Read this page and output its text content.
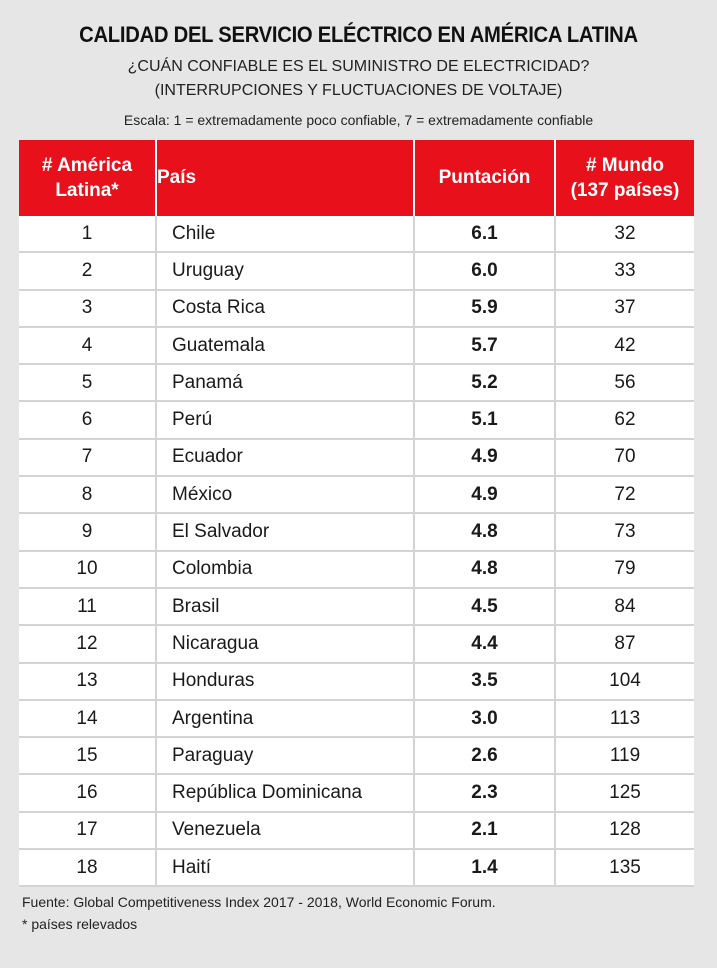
CALIDAD DEL SERVICIO ELÉCTRICO EN AMÉRICA LATINA
¿CUÁN CONFIABLE ES EL SUMINISTRO DE ELECTRICIDAD?
(INTERRUPCIONES Y FLUCTUACIONES DE VOLTAJE)
Escala: 1 = extremadamente poco confiable, 7 = extremadamente confiable
# América
Latina*	País	Puntación	# Mundo
(137 países)

1	Chile	6.1	32
2	Uruguay	6.0	33
3	Costa Rica	5.9	37
4	Guatemala	5.7	42
5	Panamá	5.2	56
6	Perú	5.1	62
7	Ecuador	4.9	70
8	México	4.9	72
9	El Salvador	4.8	73
10	Colombia	4.8	79
11	Brasil	4.5	84
12	Nicaragua	4.4	87
13	Honduras	3.5	104
14	Argentina	3.0	113
15	Paraguay	2.6	119
16	República Dominicana	2.3	125
17	Venezuela	2.1	128
18	Haití	1.4	135
Fuente: Global Competitiveness Index 2017 - 2018, World Economic Forum.
* países relevados
